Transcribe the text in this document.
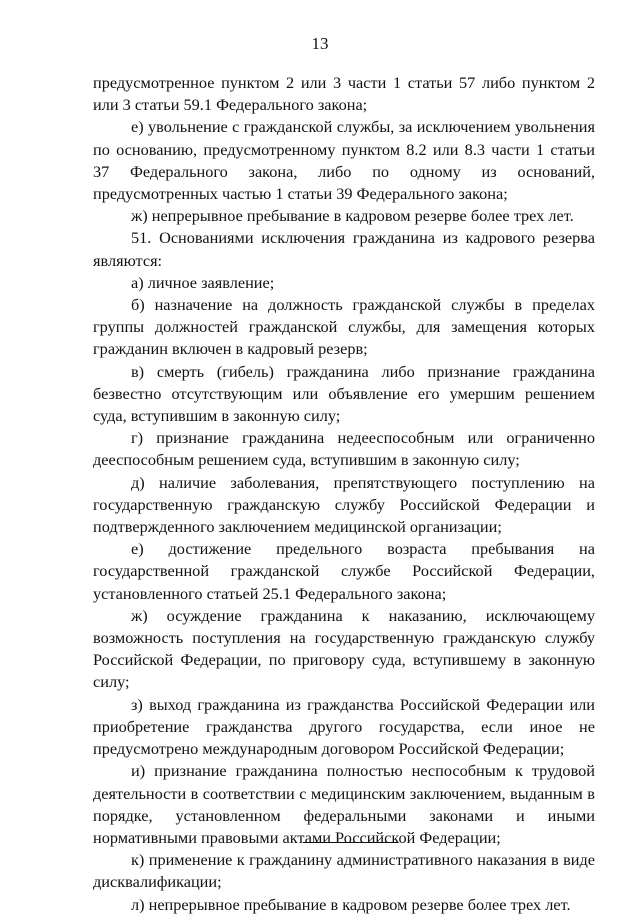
13

предусмотренное пунктом 2 или 3 части 1 статьи 57 либо пунктом 2 или 3 статьи 59.1 Федерального закона;

е) увольнение с гражданской службы, за исключением увольнения по основанию, предусмотренному пунктом 8.2 или 8.3 части 1 статьи 37 Федерального закона, либо по одному из оснований, предусмотренных частью 1 статьи 39 Федерального закона;

ж) непрерывное пребывание в кадровом резерве более трех лет.

51. Основаниями исключения гражданина из кадрового резерва являются:

а) личное заявление;

б) назначение на должность гражданской службы в пределах группы должностей гражданской службы, для замещения которых гражданин включен в кадровый резерв;

в) смерть (гибель) гражданина либо признание гражданина безвестно отсутствующим или объявление его умершим решением суда, вступившим в законную силу;

г) признание гражданина недееспособным или ограниченно дееспособным решением суда, вступившим в законную силу;

д) наличие заболевания, препятствующего поступлению на государственную гражданскую службу Российской Федерации и подтвержденного заключением медицинской организации;

е) достижение предельного возраста пребывания на государственной гражданской службе Российской Федерации, установленного статьей 25.1 Федерального закона;

ж) осуждение гражданина к наказанию, исключающему возможность поступления на государственную гражданскую службу Российской Федерации, по приговору суда, вступившему в законную силу;

з) выход гражданина из гражданства Российской Федерации или приобретение гражданства другого государства, если иное не предусмотрено международным договором Российской Федерации;

и) признание гражданина полностью неспособным к трудовой деятельности в соответствии с медицинским заключением, выданным в порядке, установленном федеральными законами и иными нормативными правовыми актами Российской Федерации;

к) применение к гражданину административного наказания в виде дисквалификации;

л) непрерывное пребывание в кадровом резерве более трех лет.
